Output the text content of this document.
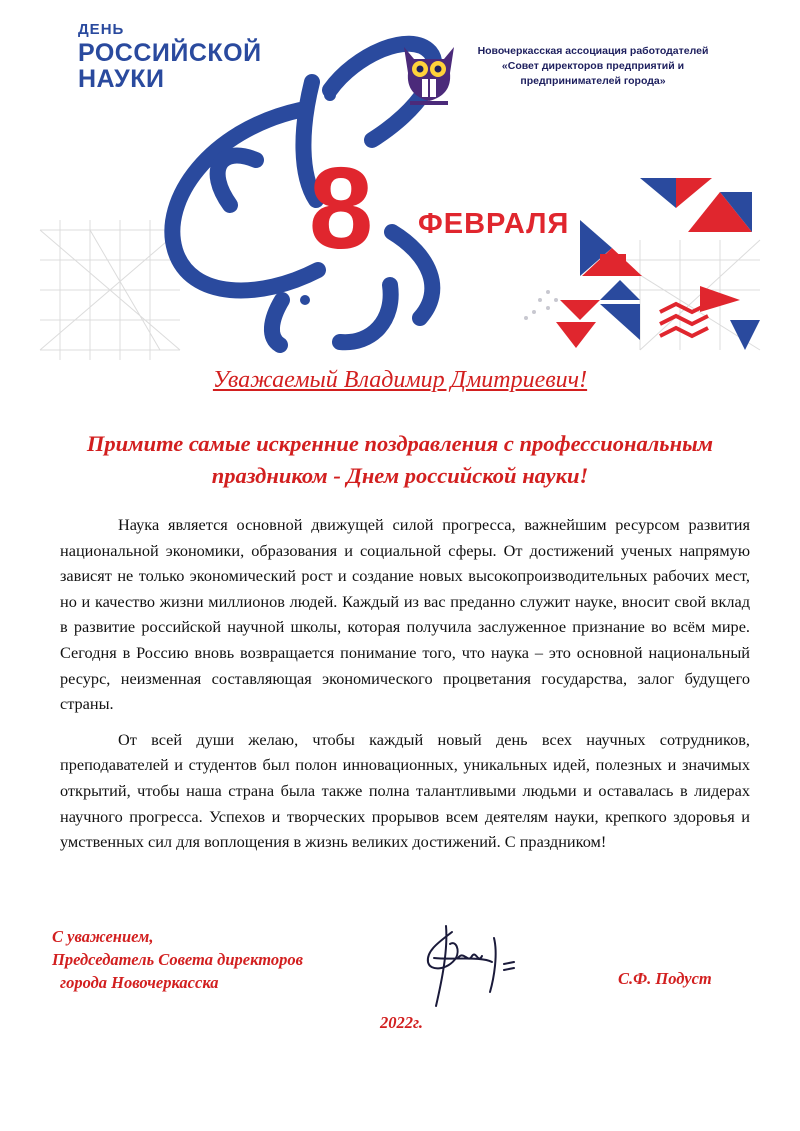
ДЕНЬ
РОССИЙСКОЙ
НАУКИ
Новочеркасская ассоциация работодателей
«Совет директоров предприятий и
предпринимателей города»
8	ФЕВРАЛЯ
Уважаемый Владимир Дмитриевич!
Примите самые искренние поздравления с профессиональным
праздником - Днем российской науки!

Наука является основной движущей силой прогресса, важнейшим ресурсом развития национальной экономики, образования и социальной сферы. От достижений ученых напрямую зависят не только экономический рост и создание новых высокопроизводительных рабочих мест, но и качество жизни миллионов людей. Каждый из вас преданно служит науке, вносит свой вклад в развитие российской научной школы, которая получила заслуженное признание во всём мире. Сегодня в Россию вновь возвращается понимание того, что наука – это основной национальный ресурс, неизменная составляющая экономического процветания государства, залог будущего страны.

От всей души желаю, чтобы каждый новый день всех научных сотрудников, преподавателей и студентов был полон инновационных, уникальных идей, полезных и значимых открытий, чтобы наша страна была также полна талантливыми людьми и оставалась в лидерах научного прогресса. Успехов и творческих прорывов всем деятелям науки, крепкого здоровья и умственных сил для воплощения в жизнь великих достижений. С праздником!

С уважением,
Председатель Совета директоров
города Новочеркасска	С.Ф. Подуст
2022г.
